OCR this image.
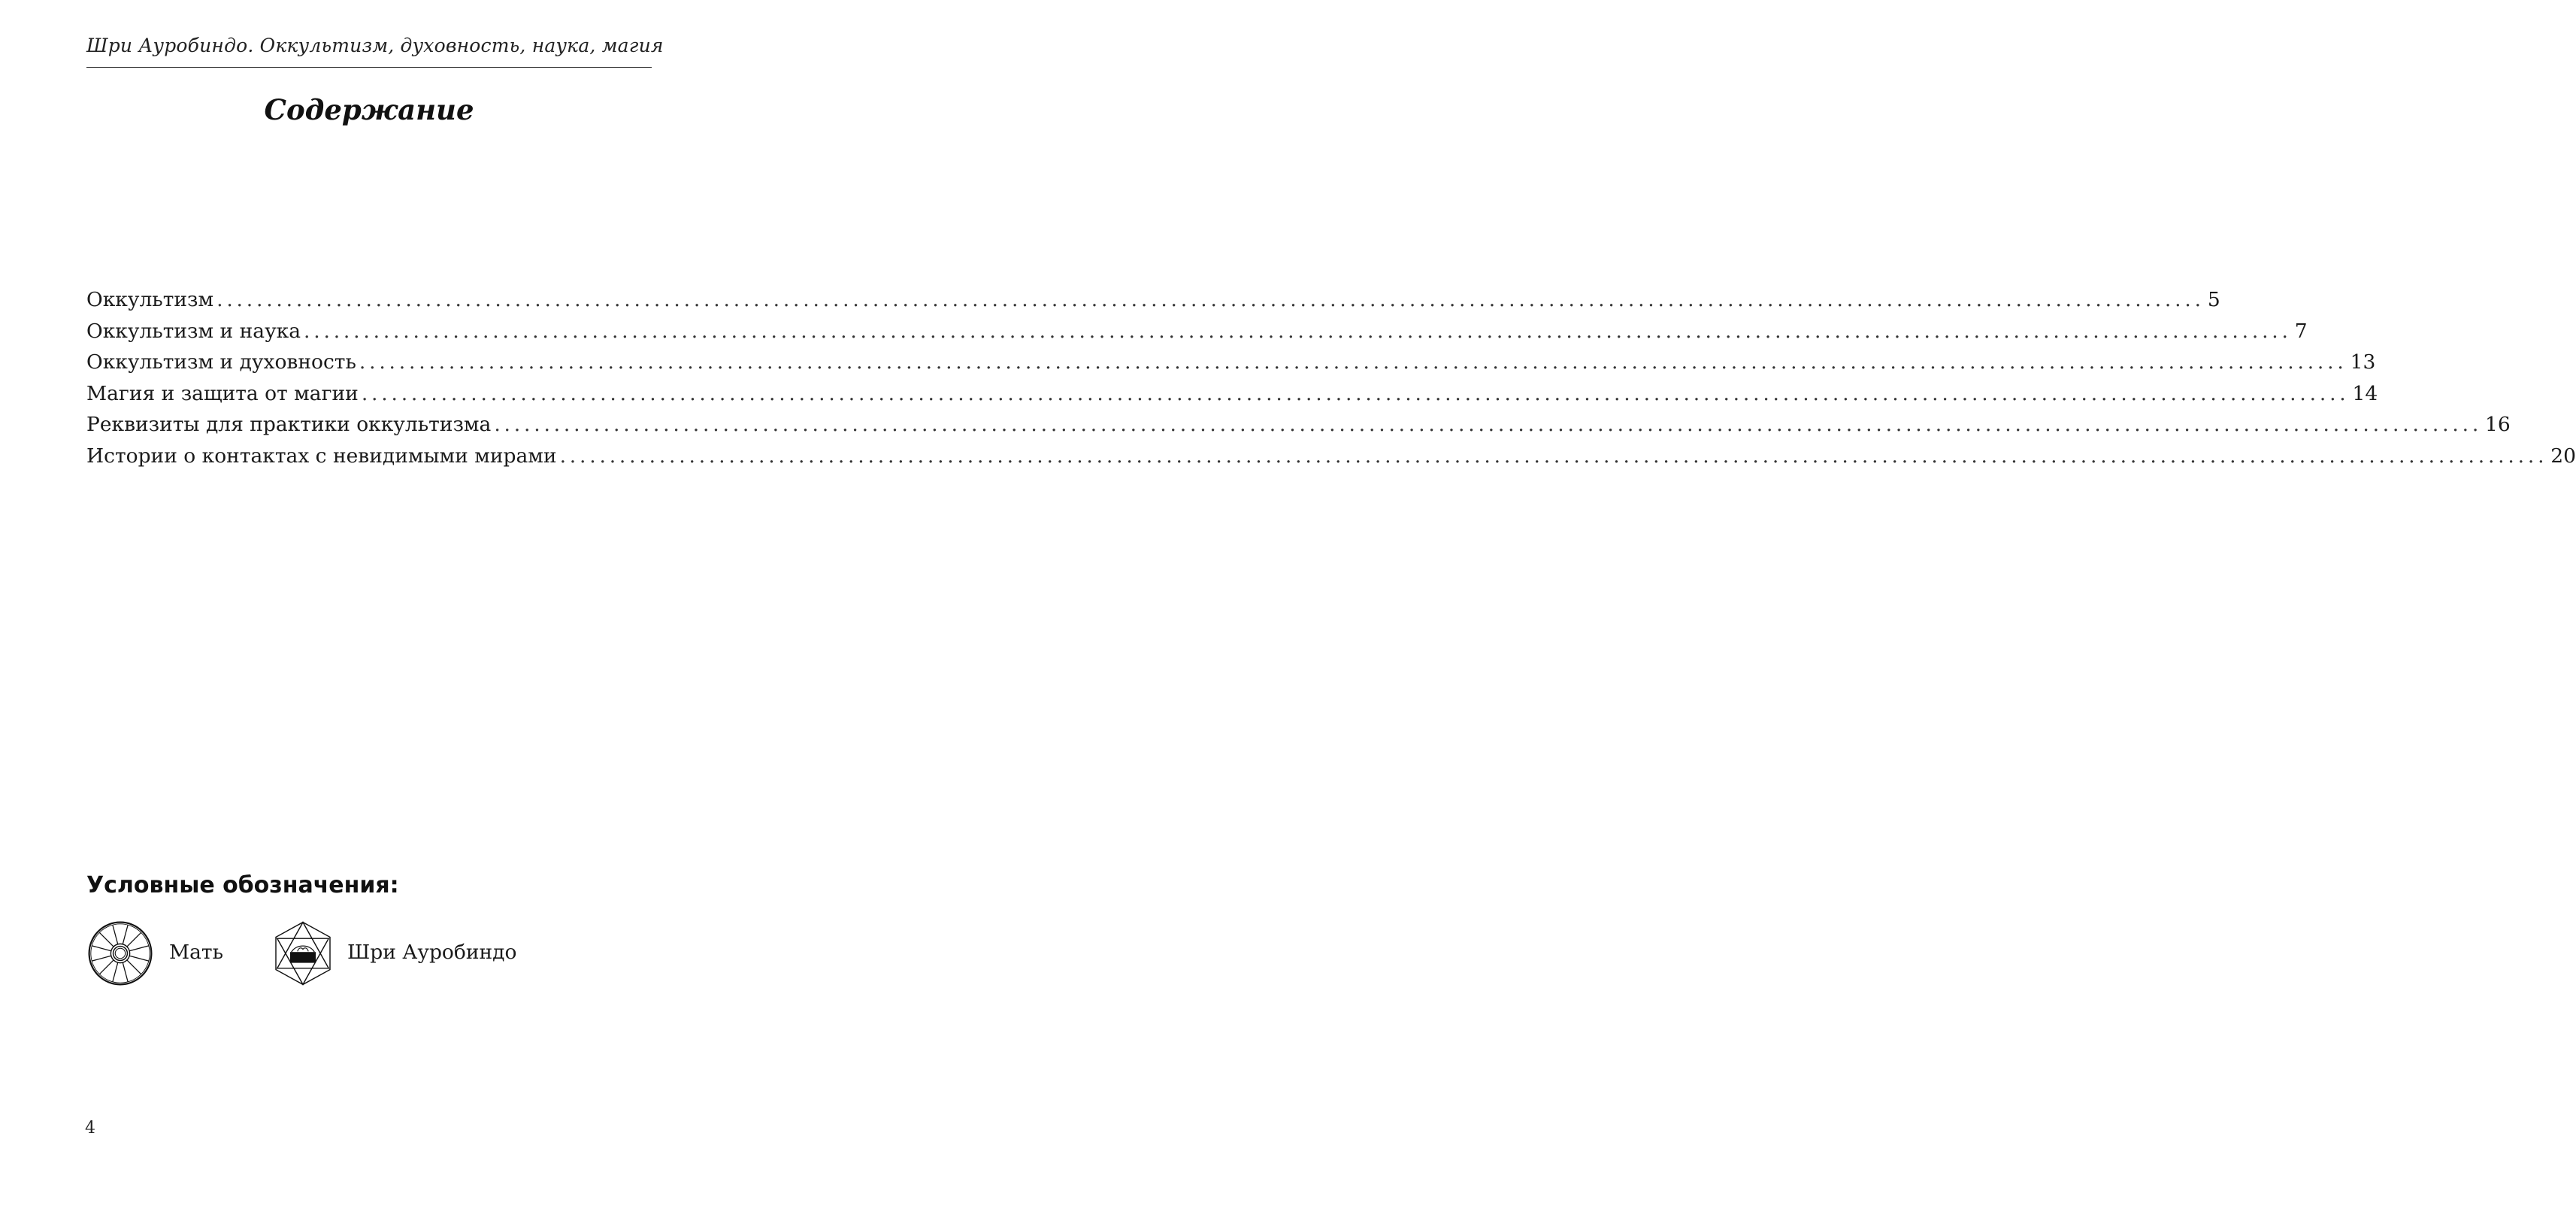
Шри Ауробиндо. Оккультизм, духовность, наука, магия
Содержание
Оккультизм ........................................................................................................................................................................................................ 5
Оккультизм и наука ........................................................................................................................................................................................................ 7
Оккультизм и духовность ........................................................................................................................................................................................................ 13
Магия и защита от магии ........................................................................................................................................................................................................ 14
Реквизиты для практики оккультизма ........................................................................................................................................................................................................ 16
Истории о контактах с невидимыми мирами ........................................................................................................................................................................................................ 20
Условные обозначения:
Мать	Шри Ауробиндо
4
